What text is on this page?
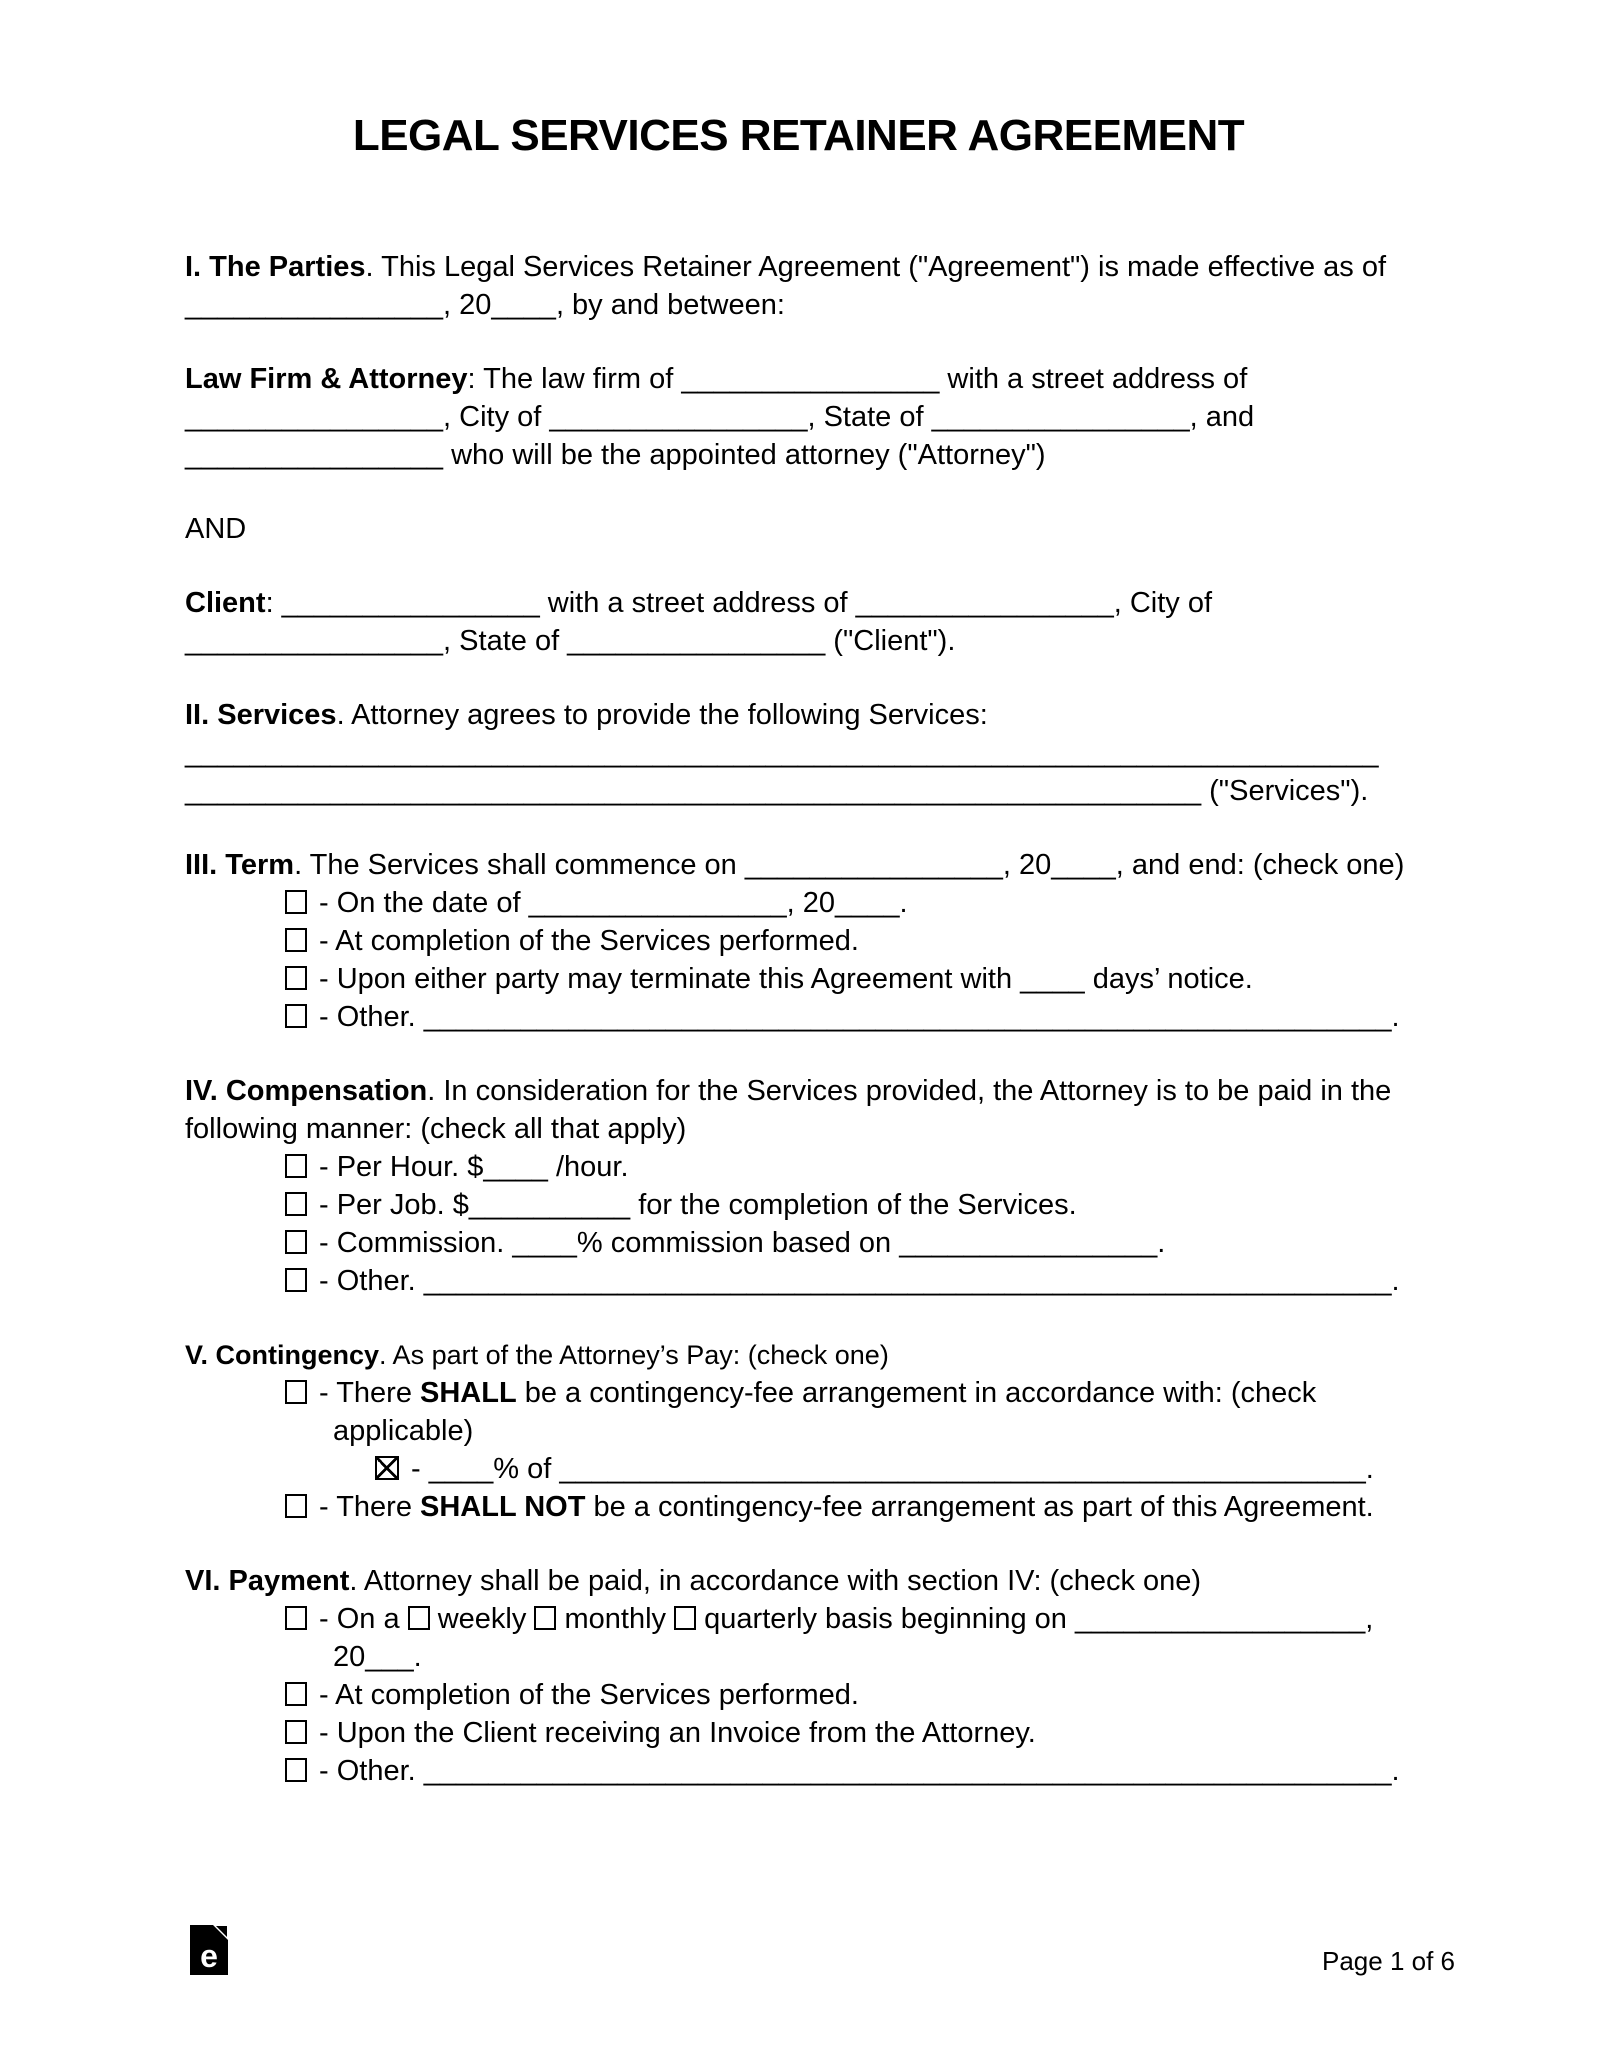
LEGAL SERVICES RETAINER AGREEMENT

I. The Parties. This Legal Services Retainer Agreement ("Agreement") is made effective as of ________________, 20____, by and between:

Law Firm & Attorney: The law firm of ________________ with a street address of ________________, City of ________________, State of ________________, and ________________ who will be the appointed attorney ("Attorney")

AND

Client: ________________ with a street address of ________________, City of ________________, State of ________________ ("Client").

II. Services. Attorney agrees to provide the following Services:
__________________________________________________________________________
_______________________________________________________________ ("Services").

III. Term. The Services shall commence on ________________, 20____, and end: (check one)
- On the date of ________________, 20____.
- At completion of the Services performed.
- Upon either party may terminate this Agreement with ____ days’ notice.
- Other. ____________________________________________________________.
IV. Compensation. In consideration for the Services provided, the Attorney is to be paid in the following manner: (check all that apply)
- Per Hour. $____ /hour.
- Per Job. $__________ for the completion of the Services.
- Commission. ____% commission based on ________________.
- Other. ____________________________________________________________.
V. Contingency. As part of the Attorney’s Pay: (check one)
- There SHALL be a contingency-fee arrangement in accordance with: (check applicable)
- ____% of __________________________________________________.
- There SHALL NOT be a contingency-fee arrangement as part of this Agreement.
VI. Payment. Attorney shall be paid, in accordance with section IV: (check one)
- On a  weekly  monthly  quarterly basis beginning on __________________, 20___.
- At completion of the Services performed.
- Upon the Client receiving an Invoice from the Attorney.
- Other. ____________________________________________________________.
e	Page 1 of 6
